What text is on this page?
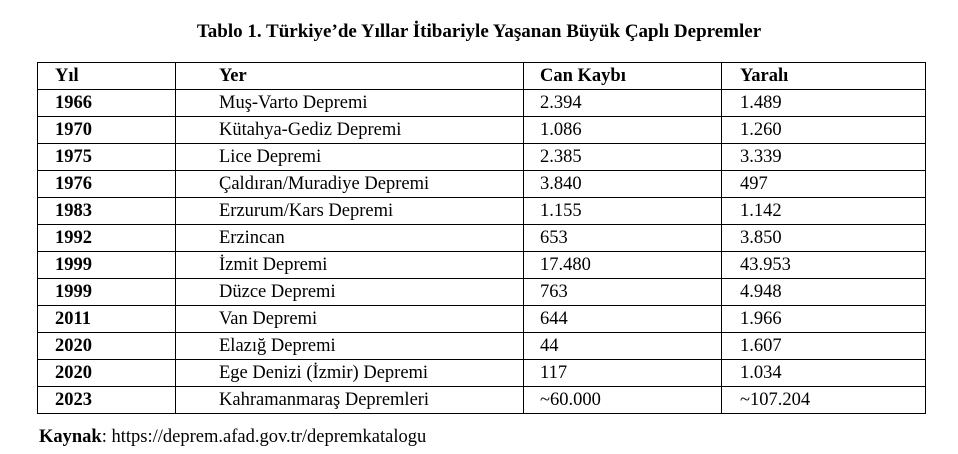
Tablo 1. Türkiye’de Yıllar İtibariyle Yaşanan Büyük Çaplı Depremler
Yıl	Yer	Can Kaybı	Yaralı
1966	Muş-Varto Depremi	2.394	1.489
1970	Kütahya-Gediz Depremi	1.086	1.260
1975	Lice Depremi	2.385	3.339
1976	Çaldıran/Muradiye Depremi	3.840	497
1983	Erzurum/Kars Depremi	1.155	1.142
1992	Erzincan	653	3.850
1999	İzmit Depremi	17.480	43.953
1999	Düzce Depremi	763	4.948
2011	Van Depremi	644	1.966
2020	Elazığ Depremi	44	1.607
2020	Ege Denizi (İzmir) Depremi	117	1.034
2023	Kahramanmaraş Depremleri	~60.000	~107.204
Kaynak: https://deprem.afad.gov.tr/depremkatalogu
